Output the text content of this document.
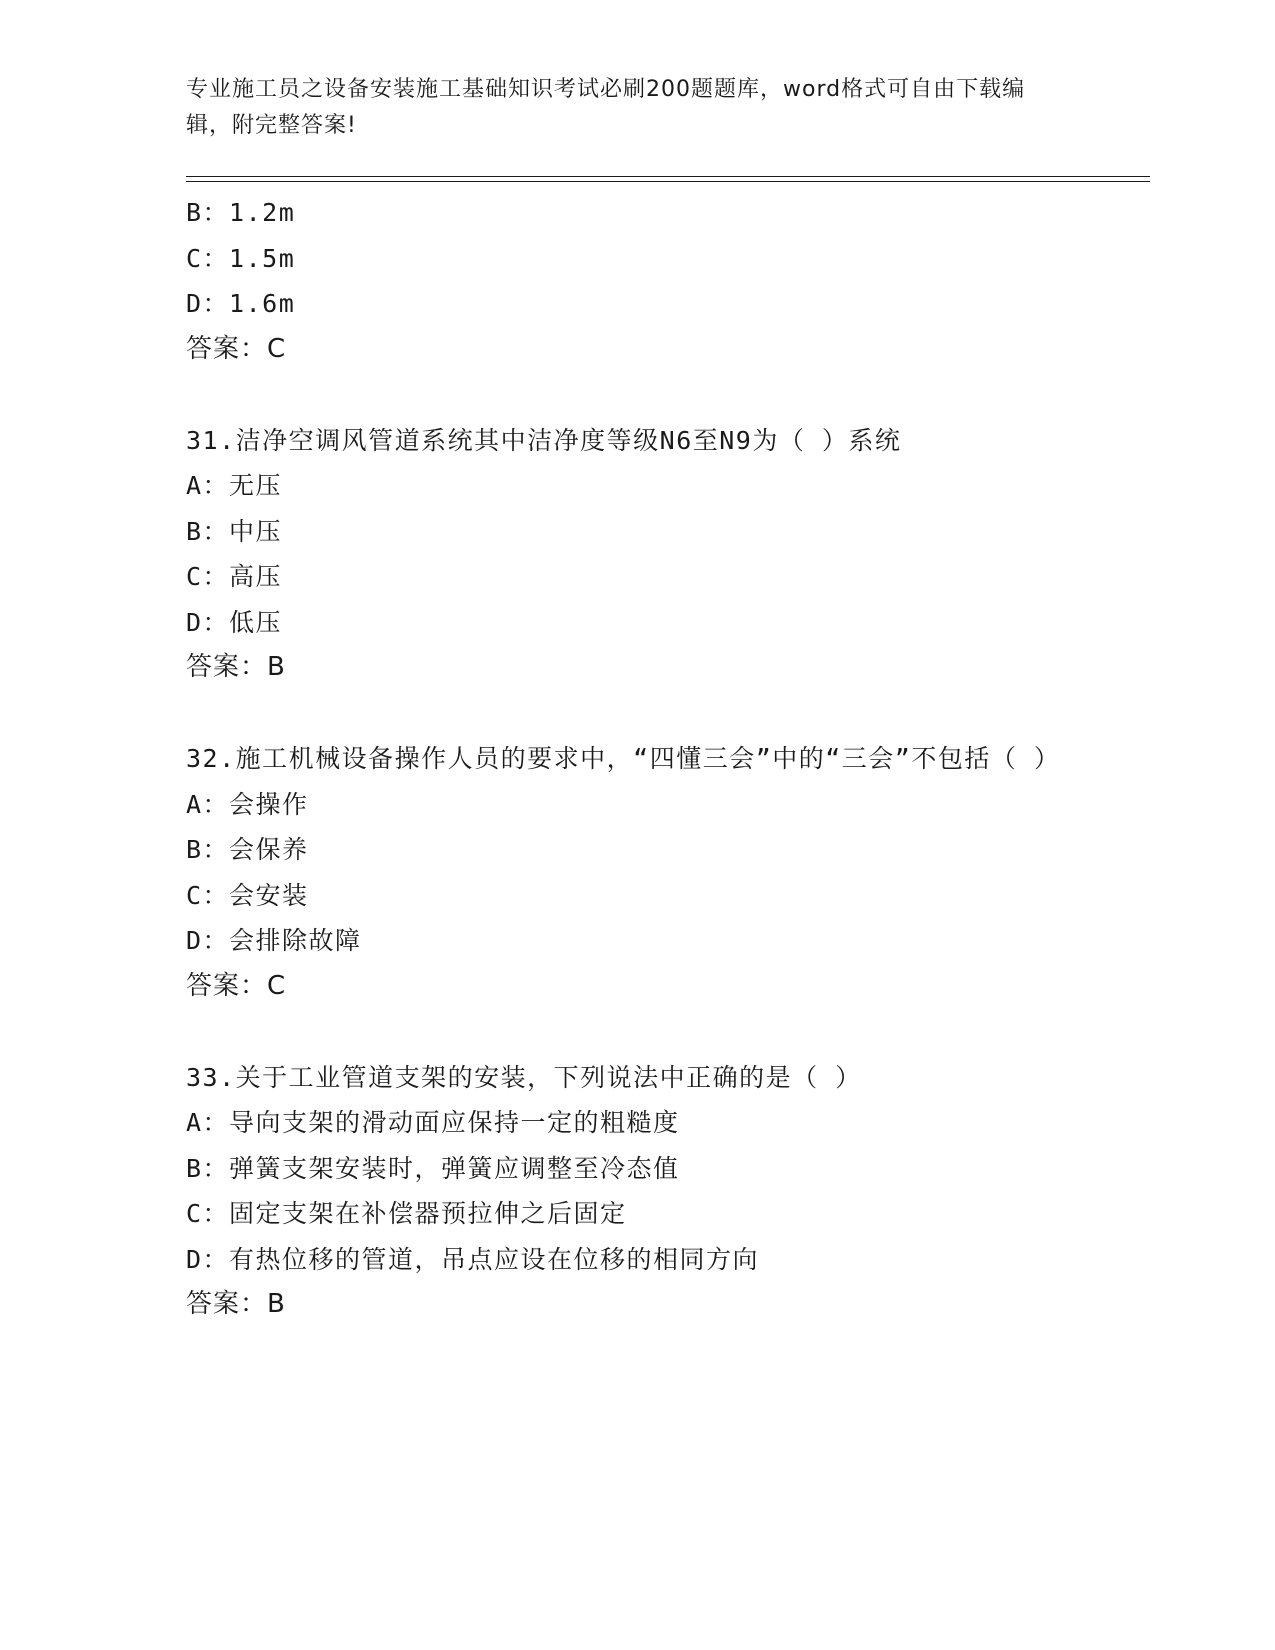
专业施工员之设备安装施工基础知识考试必刷200题题库，word格式可自由下载编辑，附完整答案!
B：1.2m
C：1.5m
D：1.6m
答案：C
31.洁净空调风管道系统其中洁净度等级N6至N9为（ ）系统
A：无压
B：中压
C：高压
D：低压
答案：B
32.施工机械设备操作人员的要求中，“四懂三会”中的“三会”不包括（ ）
A：会操作
B：会保养
C：会安装
D：会排除故障
答案：C
33.关于工业管道支架的安装，下列说法中正确的是（ ）
A：导向支架的滑动面应保持一定的粗糙度
B：弹簧支架安装时，弹簧应调整至冷态值
C：固定支架在补偿器预拉伸之后固定
D：有热位移的管道，吊点应设在位移的相同方向
答案：B
